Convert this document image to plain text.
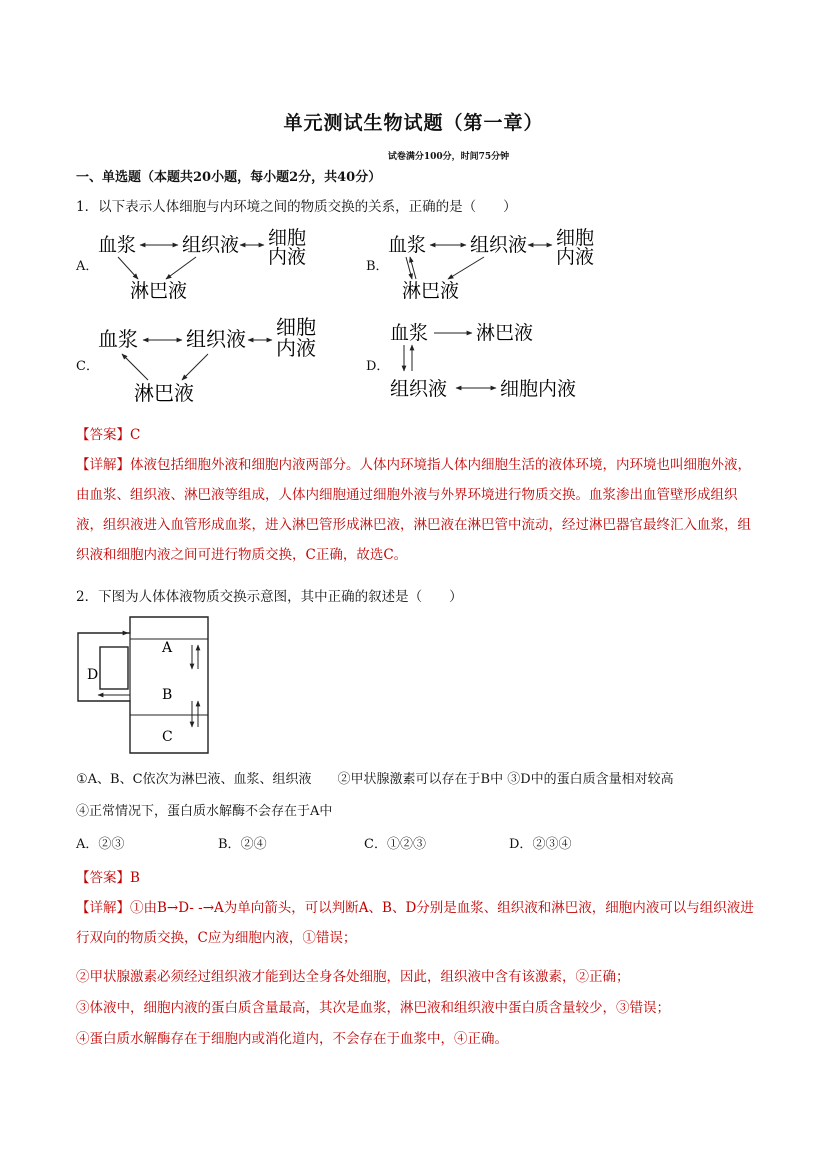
单元测试生物试题（第一章）
试卷满分100分，时间75分钟
一、单选题（本题共20小题，每小题2分，共40分）
1．以下表示人体细胞与内环境之间的物质交换的关系，正确的是（　　）
A．
血浆 组织液 细胞
内液
淋巴液
B．
血浆 组织液 细胞
内液
淋巴液
C．
血浆 组织液 细胞
内液
淋巴液
D．
血浆	淋巴液
组织液	细胞内液
【答案】C
【详解】体液包括细胞外液和细胞内液两部分。人体内环境指人体内细胞生活的液体环境，内环境也叫细胞外液，由血浆、组织液、淋巴液等组成，人体内细胞通过细胞外液与外界环境进行物质交换。血浆渗出血管壁形成组织液，组织液进入血管形成血浆，进入淋巴管形成淋巴液，淋巴液在淋巴管中流动，经过淋巴器官最终汇入血浆，组织液和细胞内液之间可进行物质交换，C正确，故选C。
2．下图为人体体液物质交换示意图，其中正确的叙述是（　　）
A
B
C
D
①A、B、C依次为淋巴液、血浆、组织液　　②甲状腺激素可以存在于B中 ③D中的蛋白质含量相对较高
④正常情况下，蛋白质水解酶不会存在于A中
A．②③	B．②④	C．①②③	D．②③④
【答案】B
【详解】①由B→D- -→A为单向箭头，可以判断A、B、D分别是血浆、组织液和淋巴液，细胞内液可以与组织液进行双向的物质交换，C应为细胞内液，①错误；
②甲状腺激素必须经过组织液才能到达全身各处细胞，因此，组织液中含有该激素，②正确；
③体液中，细胞内液的蛋白质含量最高，其次是血浆，淋巴液和组织液中蛋白质含量较少，③错误；
④蛋白质水解酶存在于细胞内或消化道内，不会存在于血浆中，④正确。
